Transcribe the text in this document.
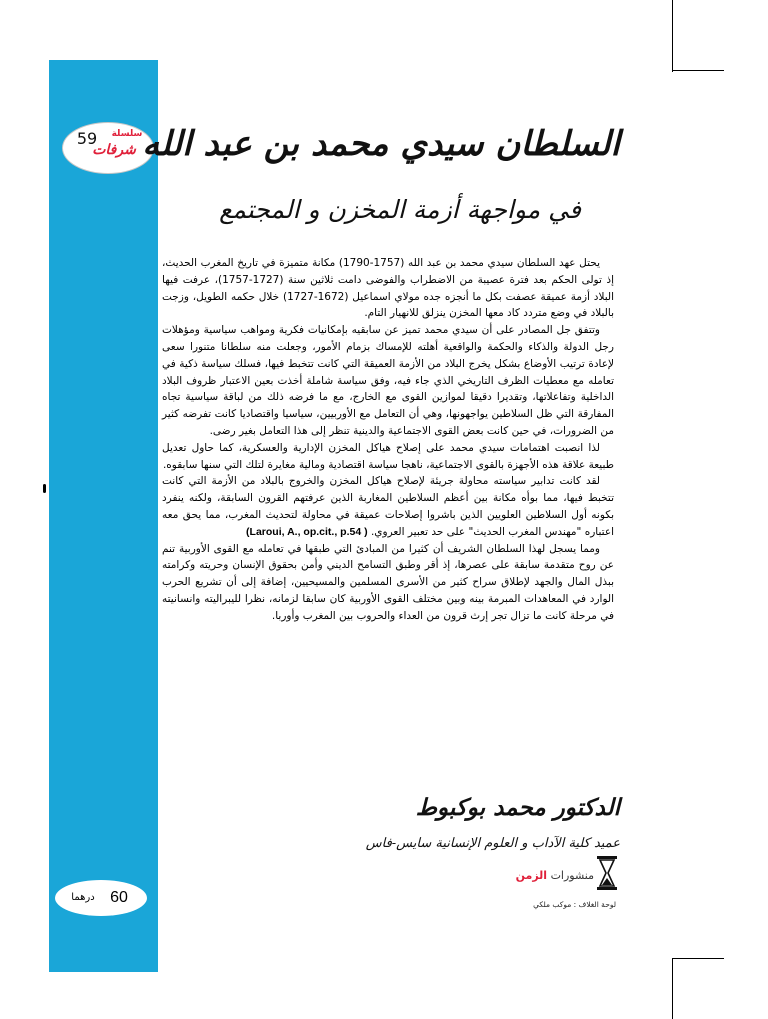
سلسلة
شرفات
59 السلطان سيدي محمد بن عبد الله
في مواجهة أزمة المخزن و المجتمع

يحتل عهد السلطان سيدي محمد بن عبد الله (1757-1790) مكانة متميزة في تاريخ المغرب الحديث، إذ تولى الحكم بعد فترة عصيبة من الاضطراب والفوضى دامت ثلاثين سنة (1727-1757)، عرفت فيها البلاد أزمة عميقة عصفت بكل ما أنجزه جده مولاي اسماعيل (1672-1727) خلال حكمه الطويل، وزجت بالبلاد في وضع متردد كاد معها المخزن ينزلق للانهيار التام.

وتتفق جل المصادر على أن سيدي محمد تميز عن سابقيه بإمكانيات فكرية ومواهب سياسية ومؤهلات رجل الدولة والذكاء والحكمة والواقعية أهلته للإمساك بزمام الأمور، وجعلت منه سلطانا متنورا سعى لإعادة ترتيب الأوضاع بشكل يخرج البلاد من الأزمة العميقة التي كانت تتخبط فيها، فسلك سياسة ذكية في تعامله مع معطيات الظرف التاريخي الذي جاء فيه، وفق سياسة شاملة أخذت بعين الاعتبار ظروف البلاد الداخلية وتفاعلاتها، وتقديرا دقيقا لموازين القوى مع الخارج، مع ما فرضه ذلك من لباقة سياسية تجاه المفارقة التي ظل السلاطين يواجهونها، وهي أن التعامل مع الأوربيين، سياسيا واقتصاديا كانت تفرضه كثير من الضرورات، في حين كانت بعض القوى الاجتماعية والدينية تنظر إلى هذا التعامل بغير رضى.

لذا انصبت اهتمامات سيدي محمد على إصلاح هياكل المخزن الإدارية والعسكرية، كما حاول تعديل طبيعة علاقة هذه الأجهزة بالقوى الاجتماعية، ناهجا سياسة اقتصادية ومالية مغايرة لتلك التي سنها سابقوه.

لقد كانت تدابير سياسته محاولة جريئة لإصلاح هياكل المخزن والخروج بالبلاد من الأزمة التي كانت تتخبط فيها، مما بوأه مكانة بين أعظم السلاطين المغاربة الذين عرفتهم القرون السابقة، ولكنه ينفرد بكونه أول السلاطين العلويين الذين باشروا إصلاحات عميقة في محاولة لتحديث المغرب، مما يحق معه اعتباره "مهندس المغرب الحديث" على حد تعبير العروي. (Laroui, A., op.cit., p.54 )

ومما يسجل لهذا السلطان الشريف أن كثيرا من المبادئ التي طبقها في تعامله مع القوى الأوربية تنم عن روح متقدمة سابقة على عصرها، إذ أقر وطبق التسامح الديني وأمن بحقوق الإنسان وحريته وكرامته ببذل المال والجهد لإطلاق سراح كثير من الأسرى المسلمين والمسيحيين، إضافة إلى أن تشريع الحرب الوارد في المعاهدات المبرمة بينه وبين مختلف القوى الأوربية كان سابقا لزمانه، نظرا لليبراليته وانسانيته في مرحلة كانت ما تزال تجر إرث قرون من العداء والحروب بين المغرب وأوربا.

الدكتور محمد بوكبوط
عميد كلية الآداب و العلوم الإنسانية سايس-فاس
منشورات الزمن
لوحة الغلاف : موكب ملكي
60
درهما
